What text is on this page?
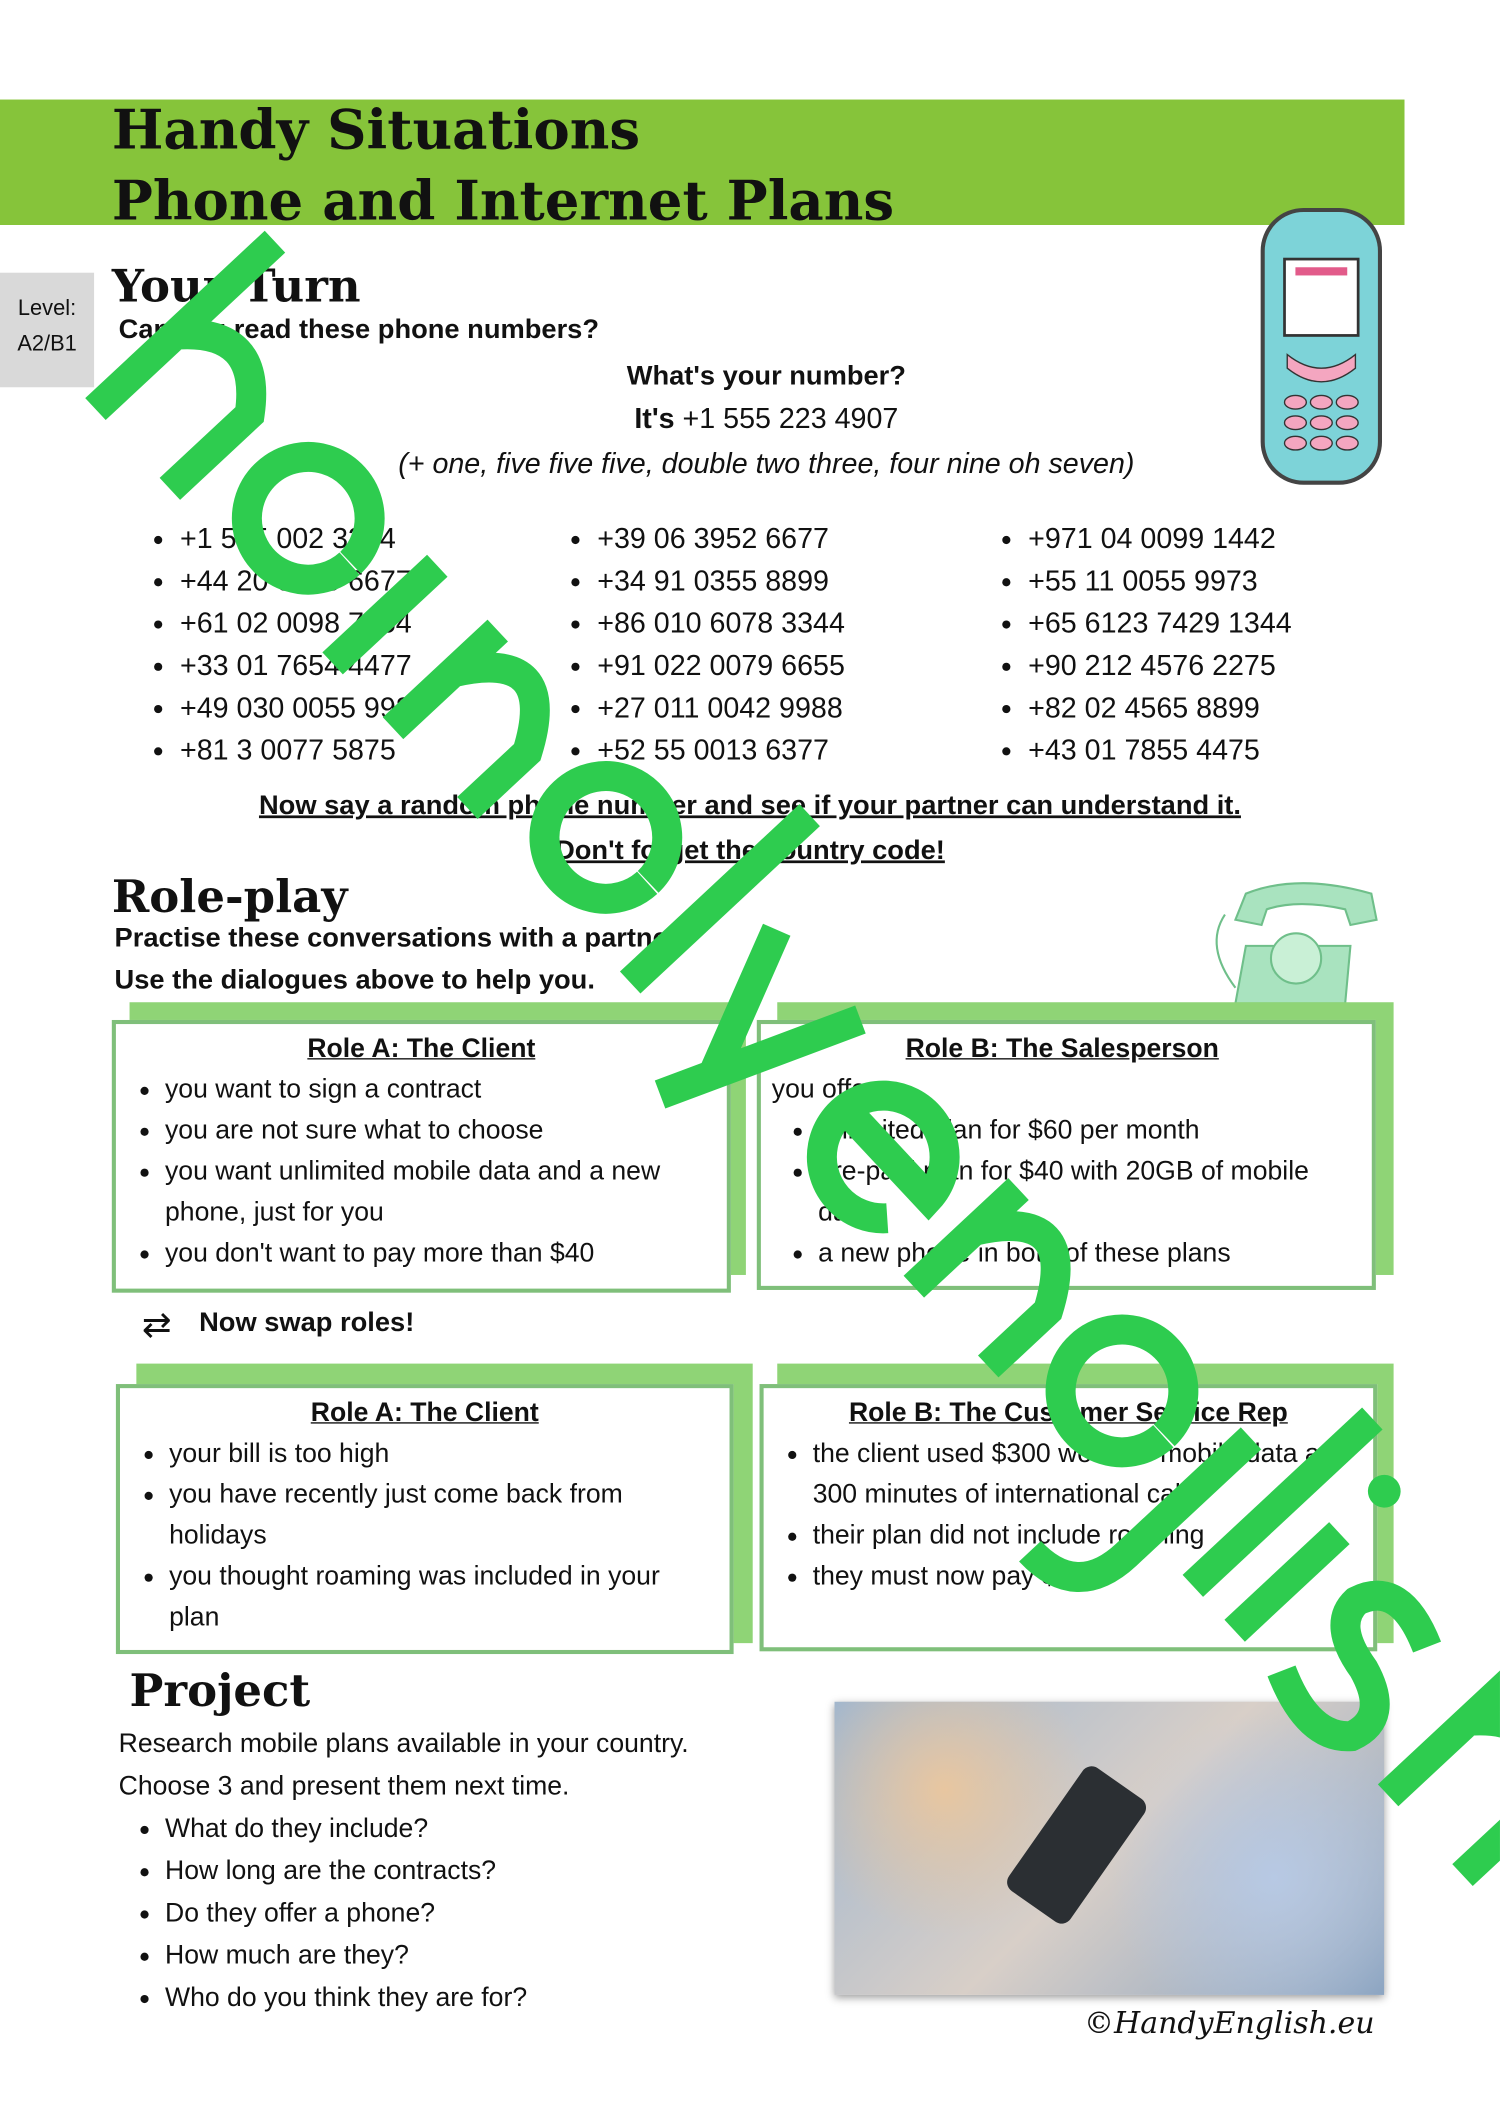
Handy Situations
Phone and Internet Plans
Level:
A2/B1
Your Turn
Can you read these phone numbers?
What's your number?
It's +1 555 223 4907
(+ one, five five five, double two three, four nine oh seven)
• +1 555 002 3344
• +44 20 0055 6677
• +61 02 0098 7654
• +33 01 7654 4477
• +49 030 0055 9988
• +81 3 0077 5875
• +39 06 3952 6677
• +34 91 0355 8899
• +86 010 6078 3344
• +91 022 0079 6655
• +27 011 0042 9988
• +52 55 0013 6377
• +971 04 0099 1442
• +55 11 0055 9973
• +65 6123 7429 1344
• +90 212 4576 2275
• +82 02 4565 8899
• +43 01 7855 4475
Now say a random phone number and see if your partner can understand it.
Don't forget the country code!
Role-play
Practise these conversations with a partner.
Use the dialogues above to help you.
Role A: The Client
• you want to sign a contract
• you are not sure what to choose
• you want unlimited mobile data and a new phone, just for you
• you don't want to pay more than $40
Role B: The Salesperson
you offer
• unlimited plan for $60 per month
• pre-paid plan for $40 with 20GB of mobile data
• a new phone in both of these plans
⇄ Now swap roles!
Role A: The Client
• your bill is too high
• you have recently just come back from holidays
• you thought roaming was included in your plan
Role B: The Customer Service Rep
• the client used $300 worth of mobile data and 300 minutes of international calls
• their plan did not include roaming
• they must now pay $500
Project
Research mobile plans available in your country.
Choose 3 and present them next time.
• What do they include?
• How long are the contracts?
• Do they offer a phone?
• How much are they?
• Who do you think they are for?
©HandyEnglish.eu
